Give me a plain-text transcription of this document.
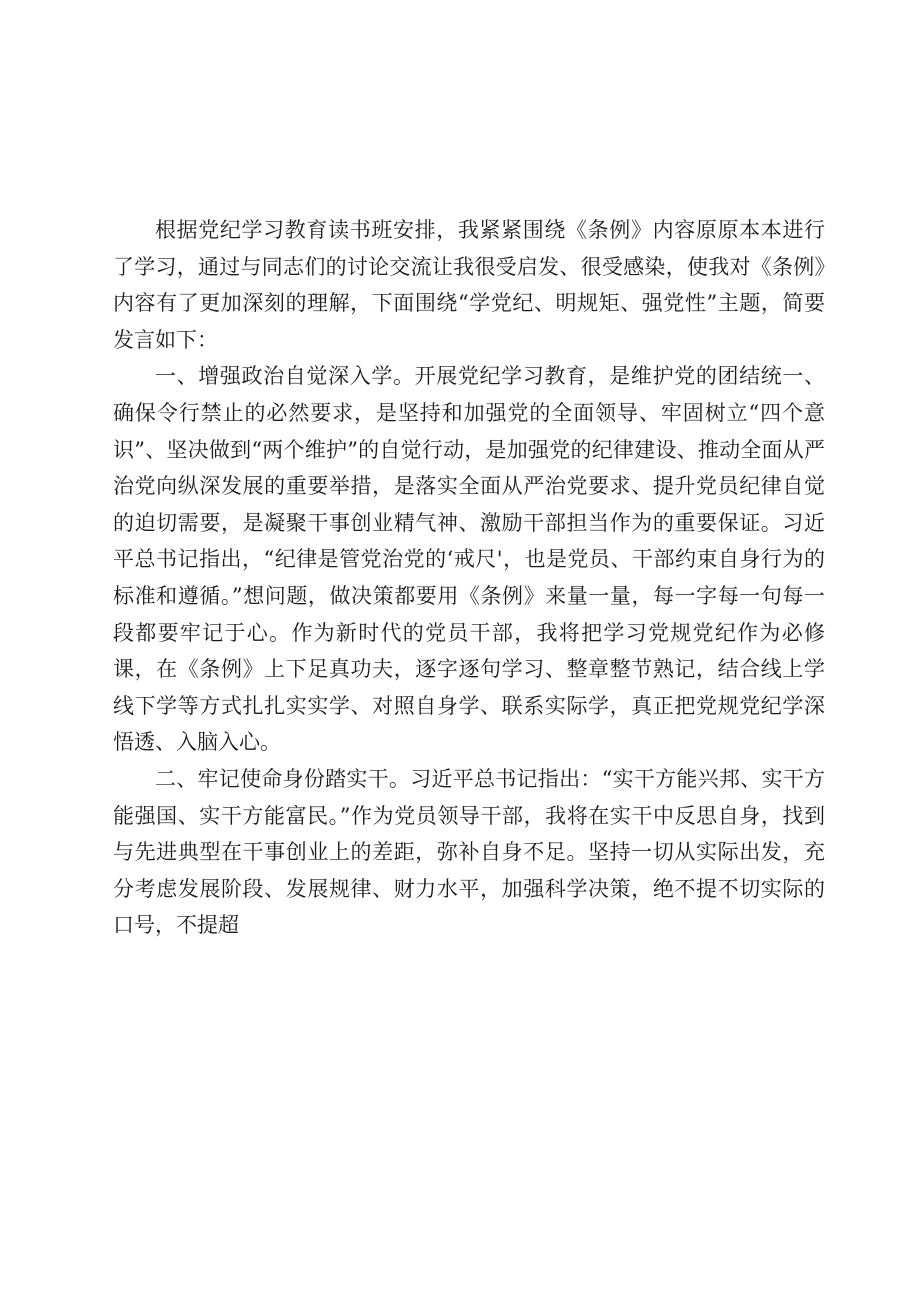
根据党纪学习教育读书班安排，我紧紧围绕《条例》内容原原本本进行了学习，通过与同志们的讨论交流让我很受启发、很受感染，使我对《条例》内容有了更加深刻的理解，下面围绕“学党纪、明规矩、强党性”主题，简要发言如下：

一、增强政治自觉深入学。开展党纪学习教育，是维护党的团结统一、确保令行禁止的必然要求，是坚持和加强党的全面领导、牢固树立“四个意识”、坚决做到“两个维护”的自觉行动，是加强党的纪律建设、推动全面从严治党向纵深发展的重要举措，是落实全面从严治党要求、提升党员纪律自觉的迫切需要，是凝聚干事创业精气神、激励干部担当作为的重要保证。习近平总书记指出，“纪律是管党治党的‘戒尺'，也是党员、干部约束自身行为的标准和遵循。”想问题，做决策都要用《条例》来量一量，每一字每一句每一段都要牢记于心。作为新时代的党员干部，我将把学习党规党纪作为必修课，在《条例》上下足真功夫，逐字逐句学习、整章整节熟记，结合线上学线下学等方式扎扎实实学、对照自身学、联系实际学，真正把党规党纪学深悟透、入脑入心。

二、牢记使命身份踏实干。习近平总书记指出：“实干方能兴邦、实干方能强国、实干方能富民。”作为党员领导干部，我将在实干中反思自身，找到与先进典型在干事创业上的差距，弥补自身不足。坚持一切从实际出发，充分考虑发展阶段、发展规律、财力水平，加强科学决策，绝不提不切实际的口号，不提超
